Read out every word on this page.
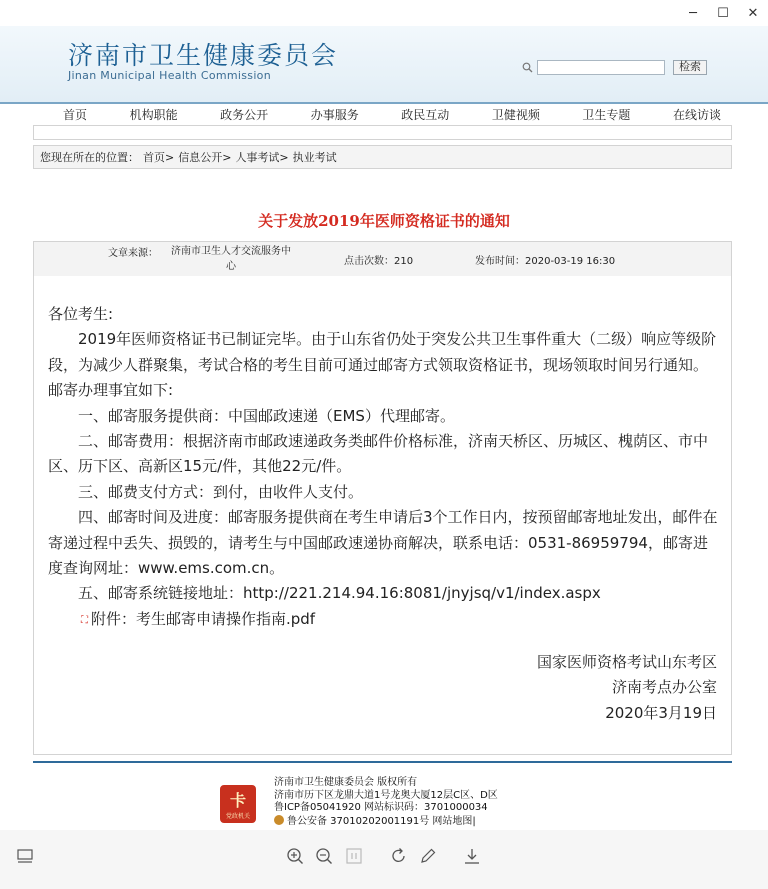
─	☐	✕
济南市卫生健康委员会
Jinan Municipal Health Commission
检索
首页	机构职能	政务公开	办事服务	政民互动	卫健视频	卫生专题	在线访谈
您现在所在的位置： 首页> 信息公开> 人事考试> 执业考试
关于发放2019年医师资格证书的通知
文章来源： 济南市卫生人才交流服务中心	点击次数：210	发布时间：2020-03-19 16:30

各位考生:

2019年医师资格证书已制证完毕。由于山东省仍处于突发公共卫生事件重大（二级）响应等级阶段，为减少人群聚集，考试合格的考生目前可通过邮寄方式领取资格证书，现场领取时间另行通知。邮寄办理事宜如下:

一、邮寄服务提供商：中国邮政速递（EMS）代理邮寄。

二、邮寄费用：根据济南市邮政速递政务类邮件价格标准，济南天桥区、历城区、槐荫区、市中区、历下区、高新区15元/件，其他22元/件。

三、邮费支付方式：到付，由收件人支付。

四、邮寄时间及进度：邮寄服务提供商在考生申请后3个工作日内，按预留邮寄地址发出，邮件在寄递过程中丢失、损毁的，请考生与中国邮政速递协商解决，联系电话：0531-86959794，邮寄进度查询网址：www.ems.com.cn。

五、邮寄系统链接地址：http://221.214.94.16:8081/jnyjsq/v1/index.aspx

⛶ 附件：考生邮寄申请操作指南.pdf

国家医师资格考试山东考区

济南考点办公室

2020年3月19日

卡
党政机关

济南市卫生健康委员会 版权所有

济南市历下区龙鼎大道1号龙奥大厦12层C区、D区

鲁ICP备05041920 网站标识码：3701000034

鲁公安备 37010202001191号 网站地图|
